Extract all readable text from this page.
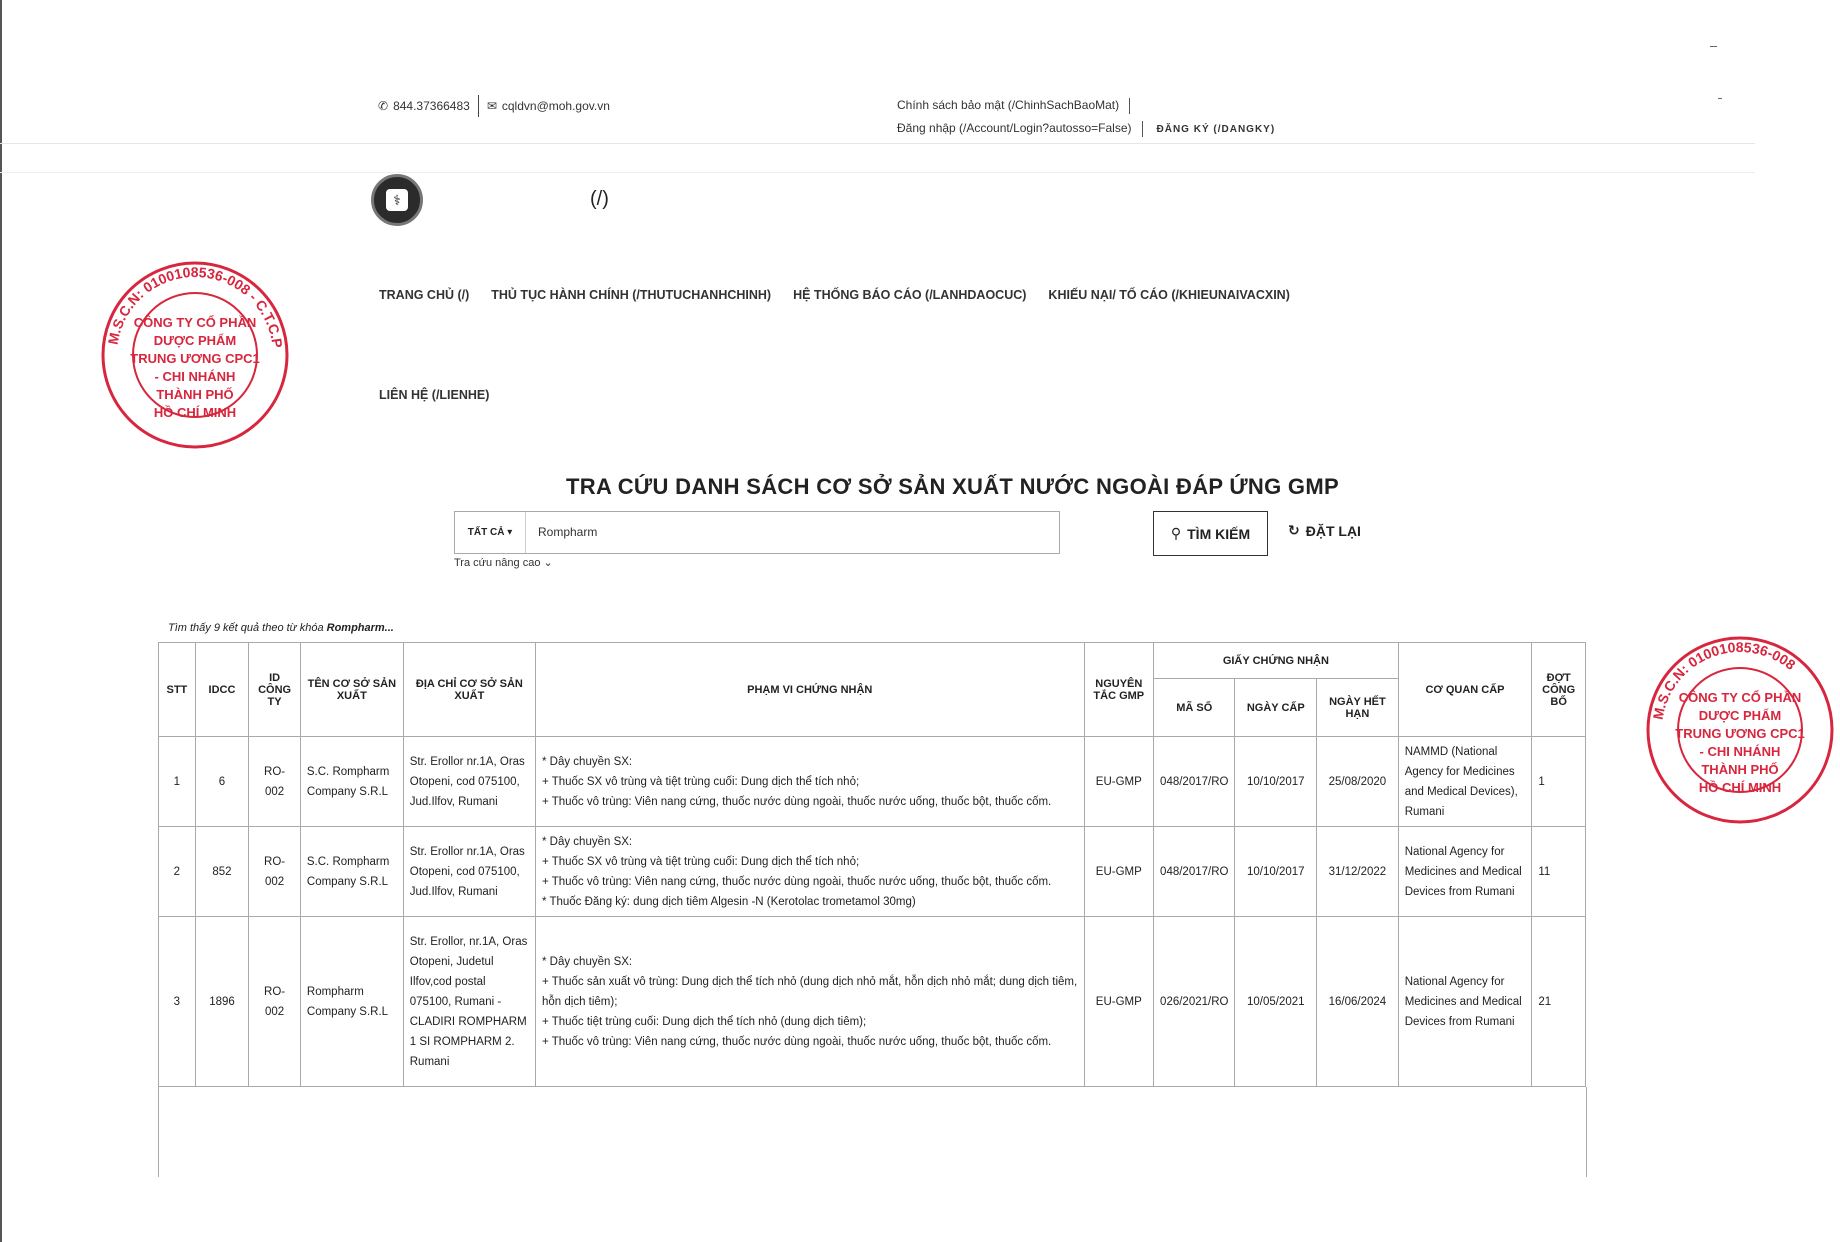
✆ 844.37366483 ✉ cqldvn@moh.gov.vn	Chính sách bảo mật (/ChinhSachBaoMat)
Đăng nhập (/Account/Login?autosso=False)	ĐĂNG KÝ (/DANGKY)
⚕	(/)
TRANG CHỦ (/) THỦ TỤC HÀNH CHÍNH (/THUTUCHANHCHINH) HỆ THỐNG BÁO CÁO (/LANHDAOCUC) KHIẾU NẠI/ TỐ CÁO (/KHIEUNAIVACXIN)
LIÊN HỆ (/LIENHE)
TRA CỨU DANH SÁCH CƠ SỞ SẢN XUẤT NƯỚC NGOÀI ĐÁP ỨNG GMP
TẤT CẢ
▾
Rompharm
Tra cứu nâng cao ⌄
⚲ TÌM KIẾM	↻ ĐẶT LẠI
Tìm thấy 9 kết quả theo từ khóa Rompharm...
STT	IDCC	ID CÔNG TY	TÊN CƠ SỞ SẢN XUẤT	ĐỊA CHỈ CƠ SỞ SẢN XUẤT	PHẠM VI CHỨNG NHẬN	NGUYÊN TẮC GMP	GIẤY CHỨNG NHẬN			CƠ QUAN CẤP	ĐỢT CÔNG BỐ
							MÃ SỐ	NGÀY CẤP	NGÀY HẾT HẠN		
1	6	RO-002	S.C. Rompharm Company S.R.L	Str. Erollor nr.1A, Oras Otopeni, cod 075100, Jud.Ilfov, Rumani	* Dây chuyền SX:
+ Thuốc SX vô trùng và tiệt trùng cuối: Dung dịch thể tích nhỏ;
+ Thuốc vô trùng: Viên nang cứng, thuốc nước dùng ngoài, thuốc nước uống, thuốc bột, thuốc cốm.	EU-GMP	048/2017/RO	10/10/2017	25/08/2020	NAMMD (National Agency for Medicines and Medical Devices), Rumani	1
2	852	RO-002	S.C. Rompharm Company S.R.L	Str. Erollor nr.1A, Oras Otopeni, cod 075100, Jud.Ilfov, Rumani	* Dây chuyền SX:
+ Thuốc SX vô trùng và tiệt trùng cuối: Dung dịch thể tích nhỏ;
+ Thuốc vô trùng: Viên nang cứng, thuốc nước dùng ngoài, thuốc nước uống, thuốc bột, thuốc cốm.
* Thuốc Đăng ký: dung dịch tiêm Algesin -N (Kerotolac trometamol 30mg)	EU-GMP	048/2017/RO	10/10/2017	31/12/2022	National Agency for Medicines and Medical Devices from Rumani	11
3	1896	RO-002	Rompharm Company S.R.L	Str. Erollor, nr.1A, Oras Otopeni, Judetul Ilfov,cod postal 075100, Rumani - CLADIRI ROMPHARM 1 SI ROMPHARM 2. Rumani	* Dây chuyền SX:
+ Thuốc sản xuất vô trùng: Dung dịch thể tích nhỏ (dung dịch nhỏ mắt, hỗn dịch nhỏ mắt; dung dịch tiêm, hỗn dịch tiêm);
+ Thuốc tiệt trùng cuối: Dung dịch thể tích nhỏ (dung dịch tiêm);
+ Thuốc vô trùng: Viên nang cứng, thuốc nước dùng ngoài, thuốc nước uống, thuốc bột, thuốc cốm.	EU-GMP	026/2021/RO	10/05/2021	16/06/2024	National Agency for Medicines and Medical Devices from Rumani	21
M.S.C.N: 0100108536-008 - C.T.C.P
CÔNG TY CỔ PHẦN
DƯỢC PHẨM
TRUNG ƯƠNG CPC1
- CHI NHÁNH
THÀNH PHỐ
HỒ CHÍ MINH
M.S.C.N: 0100108536-008
CÔNG TY CỔ PHẦN
DƯỢC PHẨM
TRUNG ƯƠNG CPC1
- CHI NHÁNH
THÀNH PHỐ
HỒ CHÍ MINH
